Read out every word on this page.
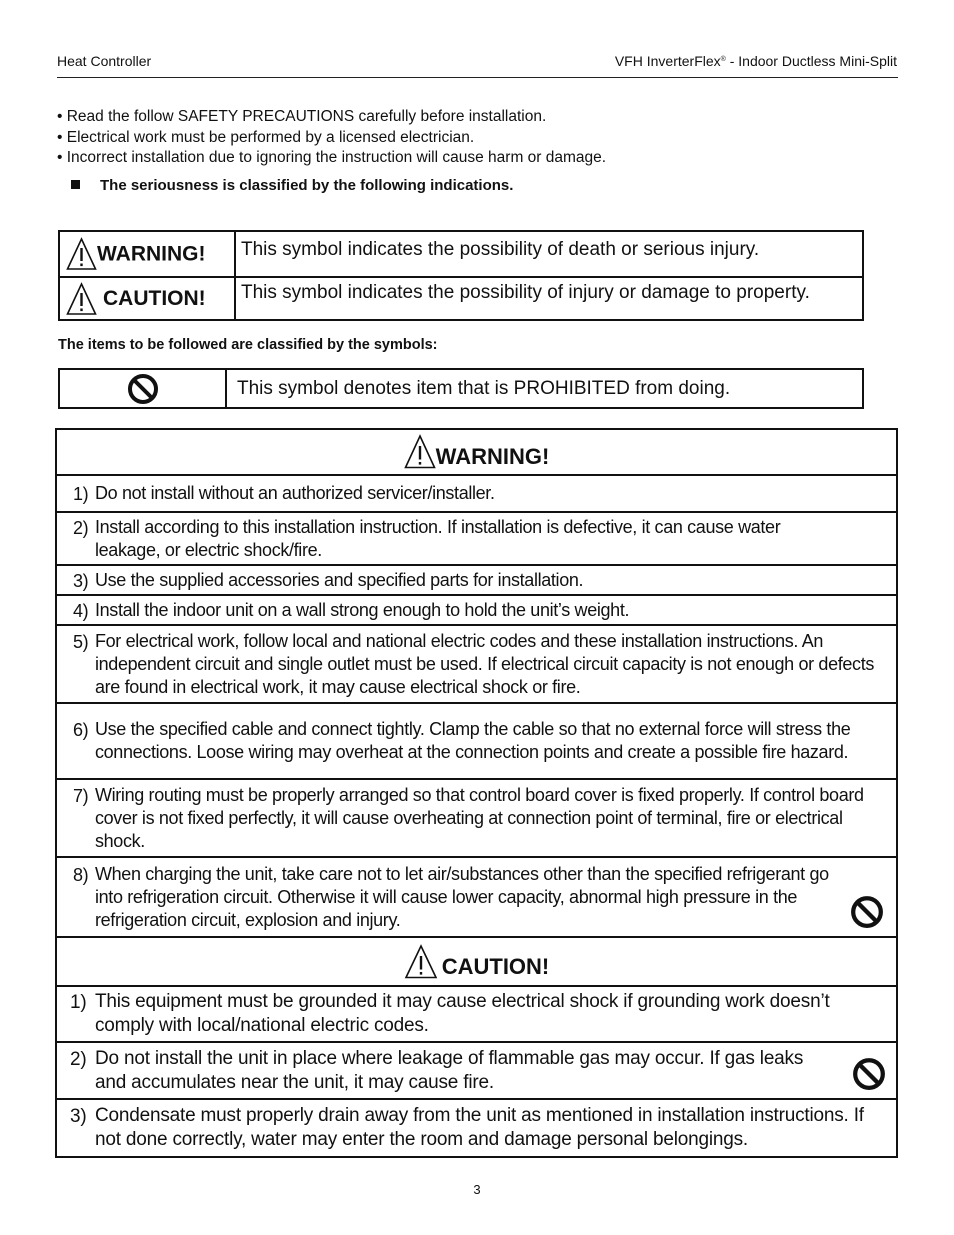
Heat Controller	VFH InverterFlex® - Indoor Ductless Mini-Split
• Read the follow SAFETY PRECAUTIONS carefully before installation.
• Electrical work must be performed by a licensed electrician.
• Incorrect installation due to ignoring the instruction will cause harm or damage.
The seriousness is classified by the following indications.
WARNING!	This symbol indicates the possibility of death or serious injury.

CAUTION!	This symbol indicates the possibility of injury or damage to property.
The items to be followed are classified by the symbols:
	This symbol denotes item that is PROHIBITED from doing.
WARNING!

1) Do not install without an authorized servicer/installer.

2) Install according to this installation instruction. If installation is defective, it can cause water leakage, or electric shock/fire.

3) Use the supplied accessories and specified parts for installation.

4) Install the indoor unit on a wall strong enough to hold the unit’s weight.

5) For electrical work, follow local and national electric codes and these installation instructions. An independent circuit and single outlet must be used. If electrical circuit capacity is not enough or defects are found in electrical work, it may cause electrical shock or fire.

6) Use the specified cable and connect tightly. Clamp the cable so that no external force will stress the connections. Loose wiring may overheat at the connection points and create a possible fire hazard.

7) Wiring routing must be properly arranged so that control board cover is fixed properly. If control board cover is not fixed perfectly, it will cause overheating at connection point of terminal, fire or electrical shock.

8) When charging the unit, take care not to let air/substances other than the specified refrigerant go into refrigeration circuit. Otherwise it will cause lower capacity, abnormal high pressure in the refrigeration circuit, explosion and injury.

CAUTION!

1) This equipment must be grounded it may cause electrical shock if grounding work doesn’t comply with local/national electric codes.

2) Do not install the unit in place where leakage of flammable gas may occur. If gas leaks and accumulates near the unit, it may cause fire.

3) Condensate must properly drain away from the unit as mentioned in installation instructions. If not done correctly, water may enter the room and damage personal belongings.
3
